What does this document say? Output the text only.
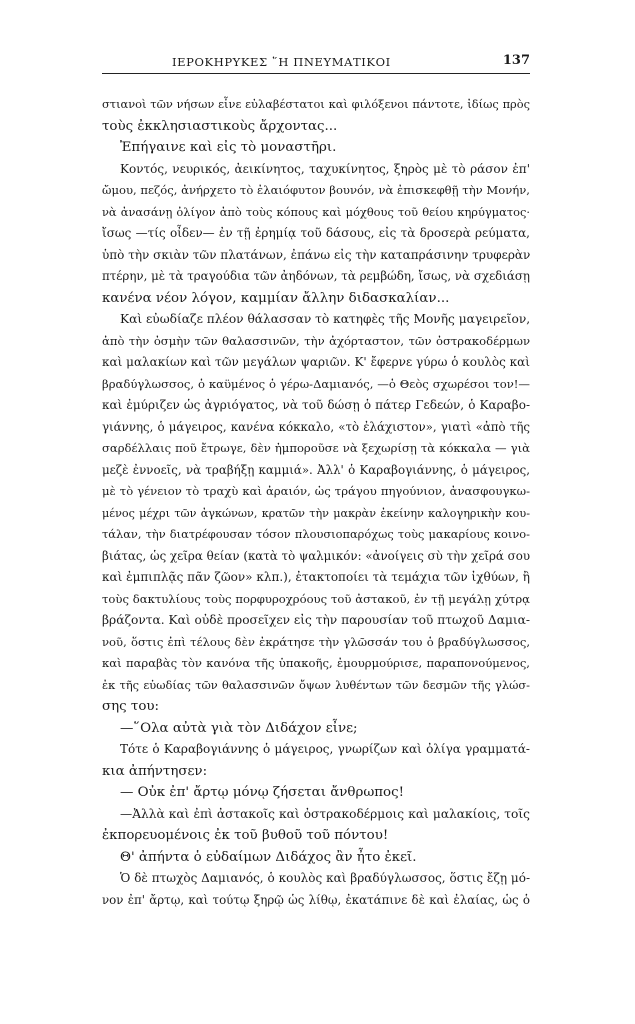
ΙΕΡΟΚΗΡΥΚΕΣ ῞Η ΠΝΕΥΜΑΤΙΚΟΙ	137
στιανοὶ τῶν νήσων εἶνε εὐλαβέστατοι καὶ φιλόξενοι πάντοτε, ἰδίως πρὸς
τοὺς ἐκκλησιαστικοὺς ἄρχοντας...
Ἐπήγαινε καὶ εἰς τὸ μοναστῆρι.
Κοντός, νευρικός, ἀεικίνητος, ταχυκίνητος, ξηρὸς μὲ τὸ ράσον ἐπ'
ὤμου, πεζός, ἀνήρχετο τὸ ἐλαιόφυτον βουνόν, νὰ ἐπισκεφθῇ τὴν Μονήν,
νὰ ἀνασάνῃ ὀλίγον ἀπὸ τοὺς κόπους καὶ μόχθους τοῦ θείου κηρύγματος·
ἴσως —τίς οἶδεν— ἐν τῇ ἐρημίᾳ τοῦ δάσους, εἰς τὰ δροσερὰ ρεύματα,
ὑπὸ τὴν σκιὰν τῶν πλατάνων, ἐπάνω εἰς τὴν καταπράσινην τρυφερὰν
πτέρην, μὲ τὰ τραγούδια τῶν ἀηδόνων, τὰ ρεμβώδη, ἴσως, νὰ σχεδιάσῃ
κανένα νέον λόγον, καμμίαν ἄλλην διδασκαλίαν...
Καὶ εὐωδίαζε πλέον θάλασσαν τὸ κατηφὲς τῆς Μονῆς μαγειρεῖον,
ἀπὸ τὴν ὀσμὴν τῶν θαλασσινῶν, τὴν ἀχόρταστον, τῶν ὀστρακοδέρμων
καὶ μαλακίων καὶ τῶν μεγάλων ψαριῶν. Κ' ἔφερνε γύρω ὁ κουλὸς καὶ
βραδύγλωσσος, ὁ καϋμένος ὁ γέρω-Δαμιανός, —ὁ Θεὸς σχωρέσοι τον!—
καὶ ἐμύριζεν ὡς ἀγριόγατος, νὰ τοῦ δώσῃ ὁ πάτερ Γεδεών, ὁ Καραβο-
γιάννης, ὁ μάγειρος, κανένα κόκκαλο, «τὸ ἐλάχιστον», γιατὶ «ἀπὸ τῆς
σαρδέλλαις ποῦ ἔτρωγε, δὲν ἠμποροῦσε νὰ ξεχωρίσῃ τὰ κόκκαλα — γιὰ
μεζὲ ἐννοεῖς, νὰ τραβήξῃ καμμιά». Ἀλλ' ὁ Καραβογιάννης, ὁ μάγειρος,
μὲ τὸ γένειον τὸ τραχὺ καὶ ἀραιόν, ὡς τράγου πηγούνιον, ἀνασφουγκω-
μένος μέχρι τῶν ἀγκώνων, κρατῶν τὴν μακρὰν ἐκείνην καλογηρικὴν κου-
τάλαν, τὴν διατρέφουσαν τόσον πλουσιοπαρόχως τοὺς μακαρίους κοινο-
βιάτας, ὡς χεῖρα θείαν (κατὰ τὸ ψαλμικόν: «ἀνοίγεις σὺ τὴν χεῖρά σου
καὶ ἐμπιπλᾷς πᾶν ζῶον» κλπ.), ἐτακτοποίει τὰ τεμάχια τῶν ἰχθύων, ἢ
τοὺς δακτυλίους τοὺς πορφυροχρόους τοῦ ἀστακοῦ, ἐν τῇ μεγάλῃ χύτρᾳ
βράζοντα. Καὶ οὐδὲ προσεῖχεν εἰς τὴν παρουσίαν τοῦ πτωχοῦ Δαμια-
νοῦ, ὅστις ἐπὶ τέλους δὲν ἐκράτησε τὴν γλῶσσάν του ὁ βραδύγλωσσος,
καὶ παραβὰς τὸν κανόνα τῆς ὑπακοῆς, ἐμουρμούρισε, παραπονούμενος,
ἐκ τῆς εὐωδίας τῶν θαλασσινῶν ὄψων λυθέντων τῶν δεσμῶν τῆς γλώσ-
σης του:
—῞Ολα αὐτὰ γιὰ τὸν Διδάχον εἶνε;
Τότε ὁ Καραβογιάννης ὁ μάγειρος, γνωρίζων καὶ ὀλίγα γραμματά-
κια ἀπήντησεν:
— Οὐκ ἐπ' ἄρτῳ μόνῳ ζήσεται ἄνθρωπος!
—Ἀλλὰ καὶ ἐπὶ ἀστακοῖς καὶ ὀστρακοδέρμοις καὶ μαλακίοις, τοῖς
ἐκπορευομένοις ἐκ τοῦ βυθοῦ τοῦ πόντου!
Θ' ἀπήντα ὁ εὐδαίμων Διδάχος ἂν ἦτο ἐκεῖ.
Ὁ δὲ πτωχὸς Δαμιανός, ὁ κουλὸς καὶ βραδύγλωσσος, ὅστις ἔζῃ μό-
νον ἐπ' ἄρτῳ, καὶ τούτῳ ξηρῷ ὡς λίθῳ, ἐκατάπινε δὲ καὶ ἐλαίας, ὡς ὁ
